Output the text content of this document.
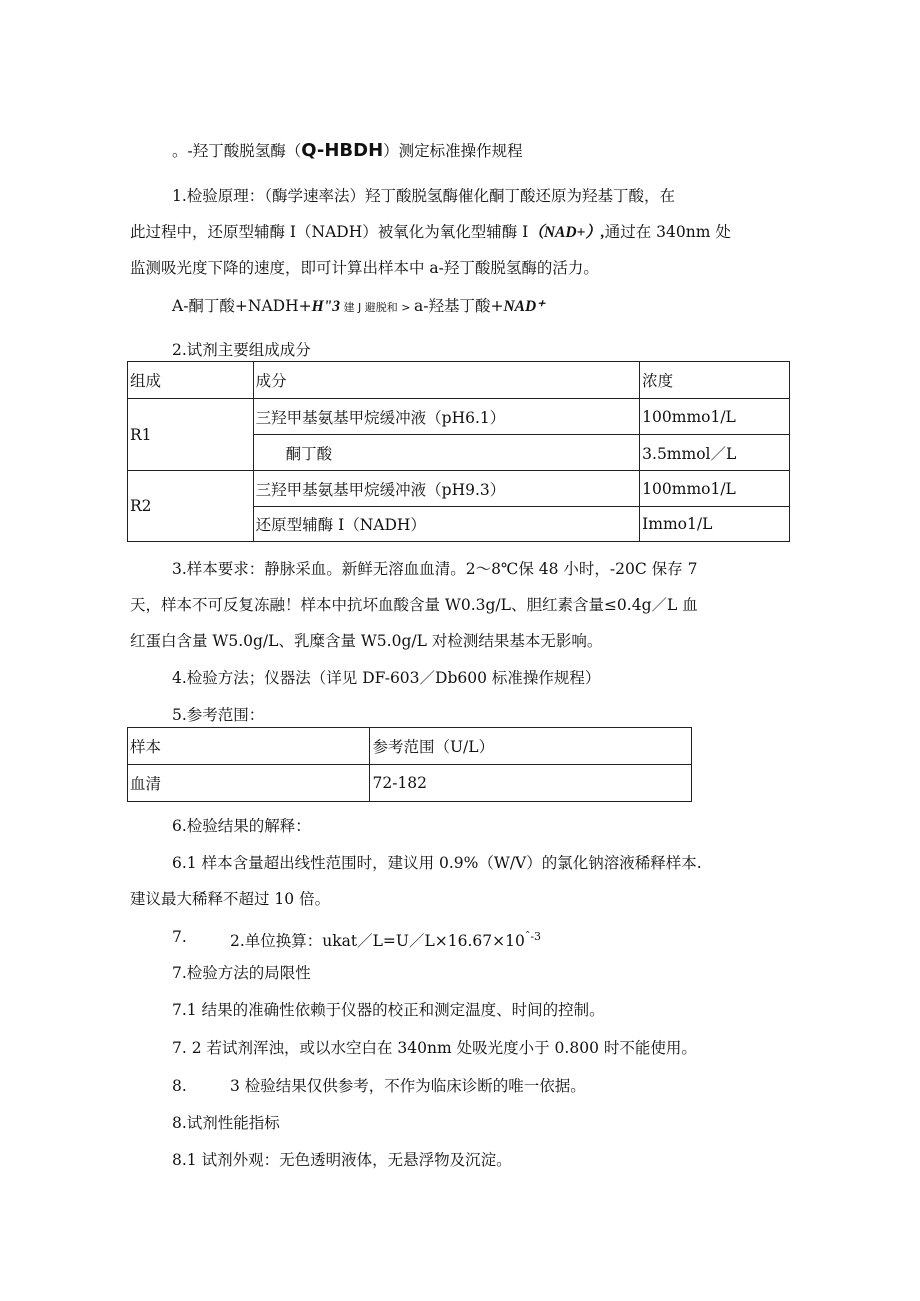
。-羟丁酸脱氢酶（Q-HBDH）测定标准操作规程
1.检验原理：（酶学速率法）羟丁酸脱氢酶催化酮丁酸还原为羟基丁酸，在
此过程中，还原型辅酶 I（NADH）被氧化为氧化型辅酶 I（NAD+）,通过在 340nm 处
监测吸光度下降的速度，即可计算出样本中 a-羟丁酸脱氢酶的活力。
A-酮丁酸+NADH+H"3 建 J 避脱和 > a-羟基丁酸+NAD⁺
2.试剂主要组成成分
组成	成分	浓度
R1	三羟甲基氨基甲烷缓冲液（pH6.1）	100mmo1/L
	酮丁酸	3.5mmol／L
R2	三羟甲基氨基甲烷缓冲液（pH9.3）	100mmo1/L
	还原型辅酶 I（NADH）	Immo1/L
3.样本要求：静脉采血。新鲜无溶血血清。2～8℃保 48 小时，-20C 保存 7
天，样本不可反复冻融！样本中抗坏血酸含量 W0.3g/L、胆红素含量≤0.4g／L 血
红蛋白含量 W5.0g/L、乳糜含量 W5.0g/L 对检测结果基本无影响。
4.检验方法；仪器法（详见 DF-603／Db600 标准操作规程）
5.参考范围：
样本	参考范围（U/L）
血清	72-182
6.检验结果的解释：
6.1 样本含量超出线性范围时，建议用 0.9%（W/V）的氯化钠溶液稀释样本.
建议最大稀释不超过 10 倍。
7.	2.单位换算：$ukat/L=U/L\times 16.67\times 10^{ˆ-3}$
7.检验方法的局限性
7.1 结果的准确性依赖于仪器的校正和测定温度、时间的控制。
7. 2 若试剂浑浊，或以水空白在 340nm 处吸光度小于 0.800 时不能使用。
8.	3 检验结果仅供参考，不作为临床诊断的唯一依据。
8.试剂性能指标
8.1 试剂外观：无色透明液体，无悬浮物及沉淀。
